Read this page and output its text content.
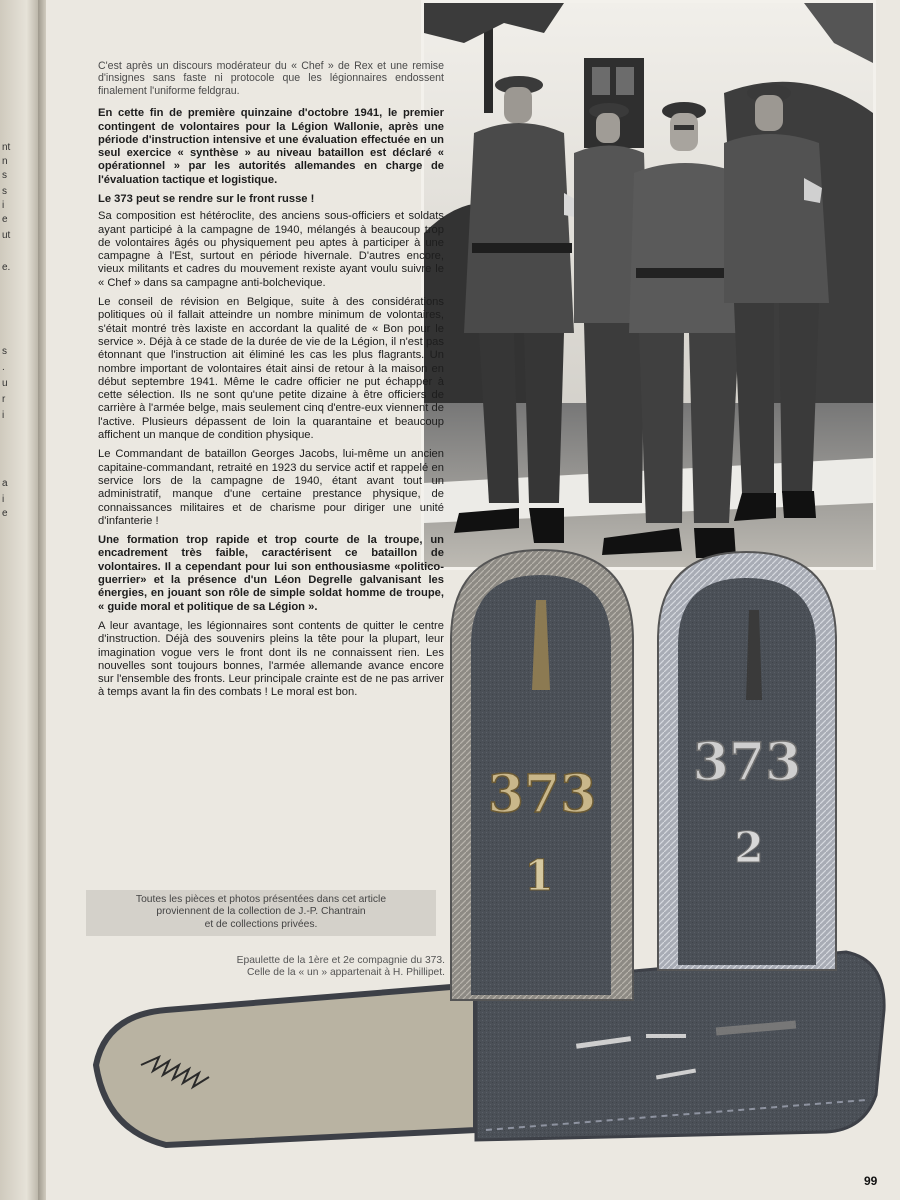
nt
n
s
s
i
e
ut
e.
s
.
u
r
i
a
i
e

C'est après un discours modérateur du « Chef » de Rex et une remise d'insignes sans faste ni protocole que les légionnaires endossent finalement l'uniforme feldgrau.

En cette fin de première quinzaine d'octobre 1941, le premier contingent de volontaires pour la Légion Wallonie, après une période d'instruction intensive et une évaluation effectuée en un seul exercice « synthèse » au niveau bataillon est déclaré « opérationnel » par les autorités allemandes en charge de l'évaluation tactique et logistique.

Le 373 peut se rendre sur le front russe !

Sa composition est hétéroclite, des anciens sous-officiers et soldats ayant participé à la campagne de 1940, mélangés à beaucoup trop de volontaires âgés ou physiquement peu aptes à participer à une campagne à l'Est, surtout en période hivernale. D'autres encore, vieux militants et cadres du mouvement rexiste ayant voulu suivre le « Chef » dans sa campagne anti-bolchevique.

Le conseil de révision en Belgique, suite à des considérations politiques où il fallait atteindre un nombre minimum de volontaires, s'était montré très laxiste en accordant la qualité de « Bon pour le service ». Déjà à ce stade de la durée de vie de la Légion, il n'est pas étonnant que l'instruction ait éliminé les cas les plus flagrants. Un nombre important de volontaires était ainsi de retour à la maison en début septembre 1941. Même le cadre officier ne put échapper à cette sélection. Ils ne sont qu'une petite dizaine à être officiers de carrière à l'armée belge, mais seulement cinq d'entre-eux viennent de l'active. Plusieurs dépassent de loin la quarantaine et beaucoup affichent un manque de condition physique.

Le Commandant de bataillon Georges Jacobs, lui-même un ancien capitaine-commandant, retraité en 1923 du service actif et rappelé en service lors de la campagne de 1940, étant avant tout un administratif, manque d'une certaine prestance physique, de connaissances militaires et de charisme pour diriger une unité d'infanterie !

Une formation trop rapide et trop courte de la troupe, un encadrement très faible, caractérisent ce bataillon de volontaires. Il a cependant pour lui son enthousiasme «politico-guerrier» et la présence d'un Léon Degrelle galvanisant les énergies, en jouant son rôle de simple soldat homme de troupe, « guide moral et politique de sa Légion ».

A leur avantage, les légionnaires sont contents de quitter le centre d'instruction. Déjà des souvenirs pleins la tête pour la plupart, leur imagination vogue vers le front dont ils ne connaissent rien. Les nouvelles sont toujours bonnes, l'armée allemande avance encore sur l'ensemble des fronts. Leur principale crainte est de ne pas arriver à temps avant la fin des combats ! Le moral est bon.

373
1
373
2
Toutes les pièces et photos présentées dans cet article
proviennent de la collection de J.-P. Chantrain
et de collections privées.
Epaulette de la 1ère et 2e compagnie du 373.
Celle de la « un » appartenait à H. Phillipet.
99
